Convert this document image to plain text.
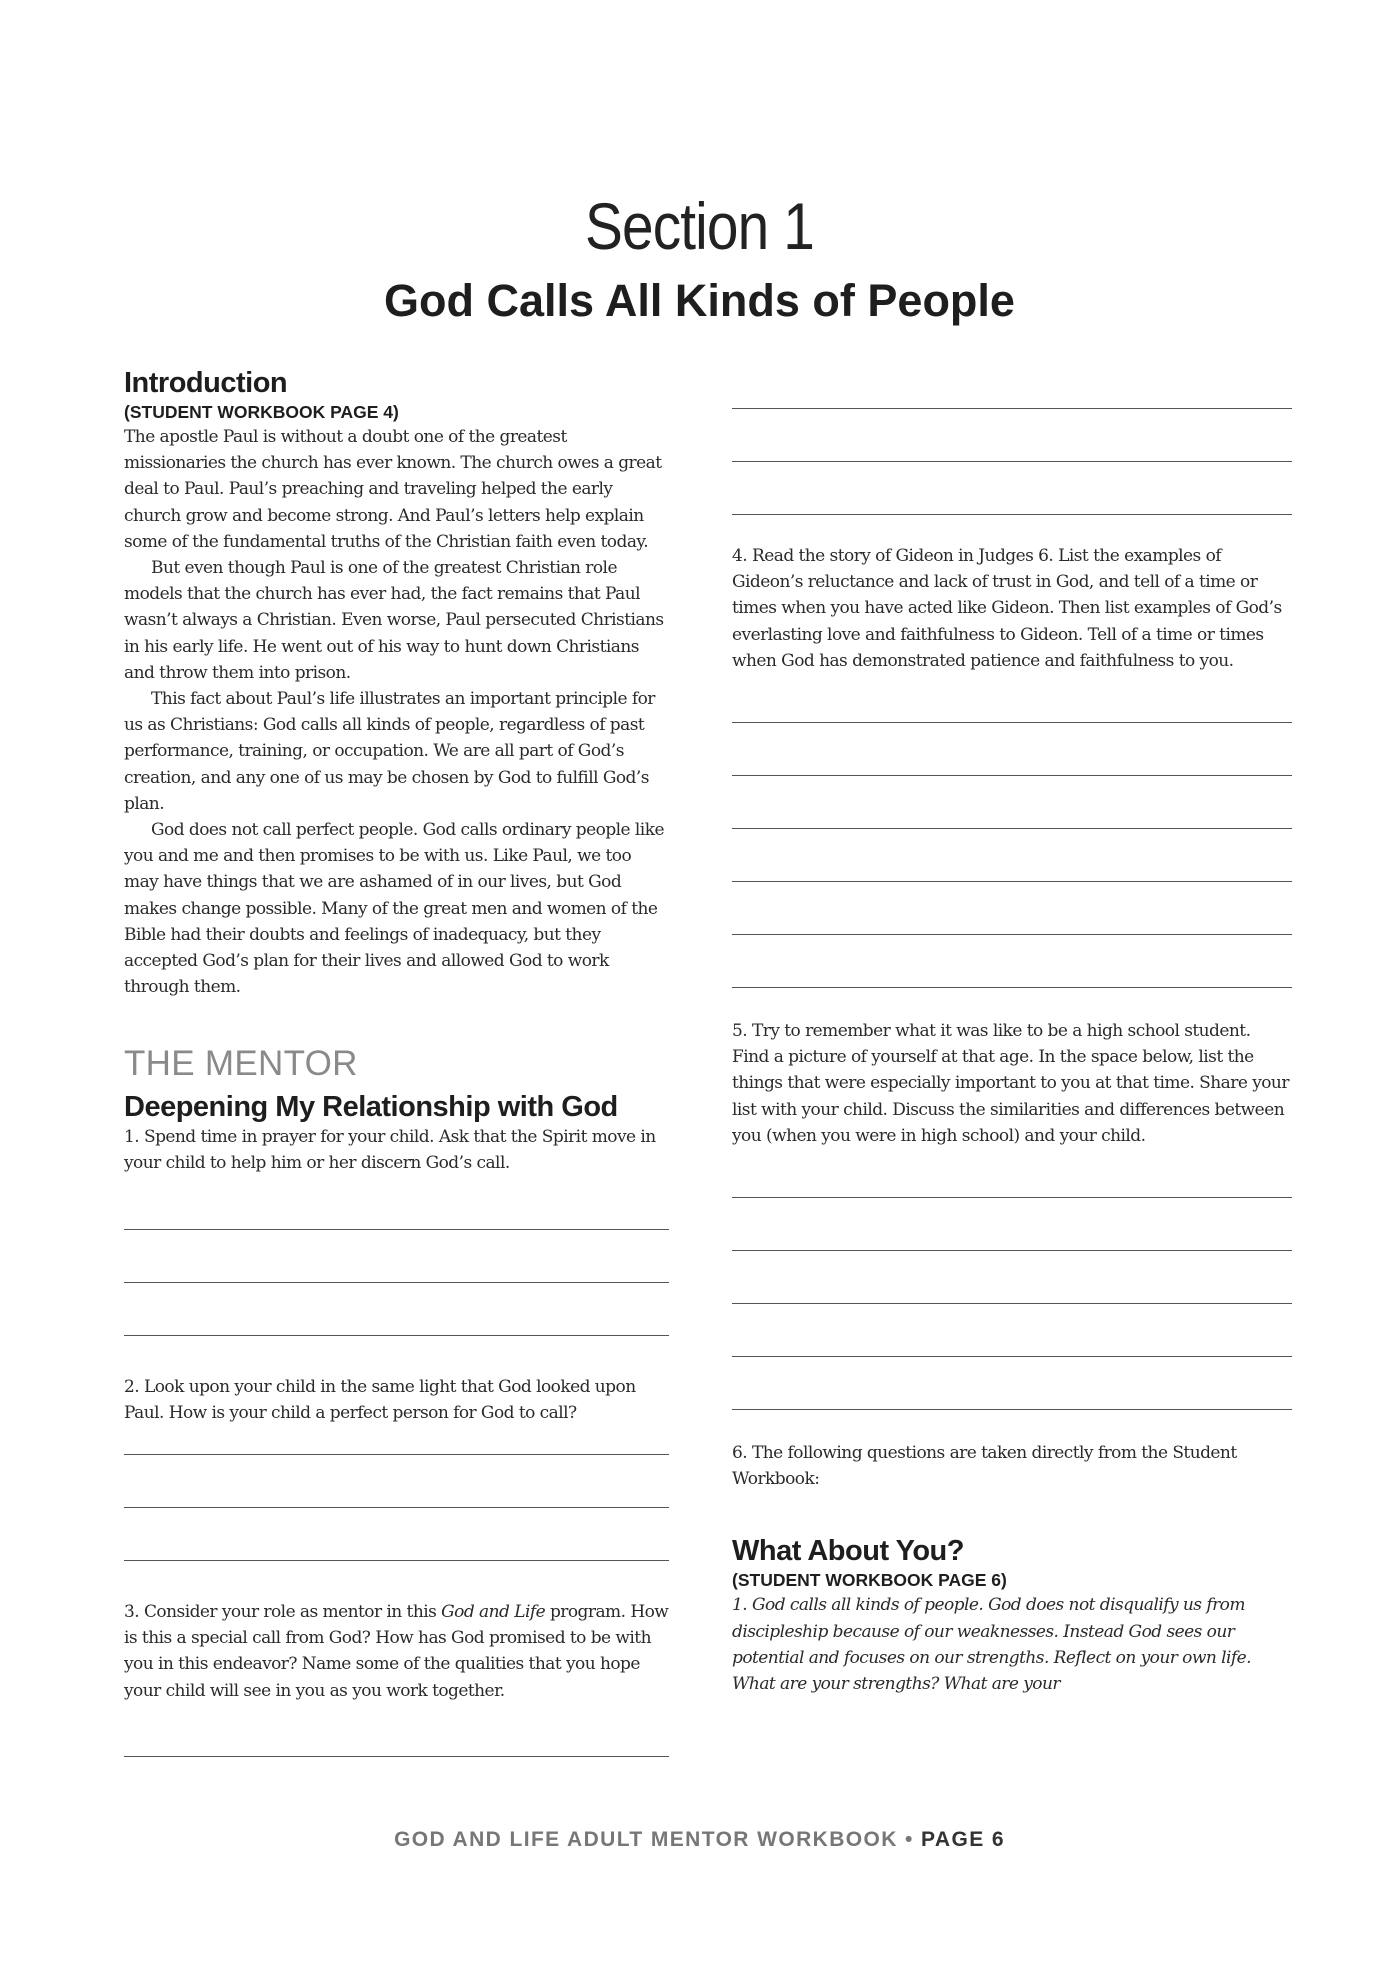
Section 1
God Calls All Kinds of People
Introduction
(STUDENT WORKBOOK PAGE 4)

The apostle Paul is without a doubt one of the greatest missionaries the church has ever known. The church owes a great deal to Paul. Paul’s preaching and traveling helped the early church grow and become strong. And Paul’s letters help explain some of the fundamental truths of the Christian faith even today.

But even though Paul is one of the greatest Christian role models that the church has ever had, the fact remains that Paul wasn’t always a Christian. Even worse, Paul persecuted Christians in his early life. He went out of his way to hunt down Christians and throw them into prison.

This fact about Paul’s life illustrates an important principle for us as Christians: God calls all kinds of people, regardless of past performance, training, or occupation. We are all part of God’s creation, and any one of us may be chosen by God to fulfill God’s plan.

God does not call perfect people. God calls ordinary people like you and me and then promises to be with us. Like Paul, we too may have things that we are ashamed of in our lives, but God makes change possible. Many of the great men and women of the Bible had their doubts and feelings of inadequacy, but they accepted God’s plan for their lives and allowed God to work through them.

THE MENTOR
Deepening My Relationship with God

1. Spend time in prayer for your child. Ask that the Spirit move in your child to help him or her discern God’s call.

2. Look upon your child in the same light that God looked upon Paul. How is your child a perfect person for God to call?

3. Consider your role as mentor in this God and Life program. How is this a special call from God? How has God promised to be with you in this endeavor? Name some of the qualities that you hope your child will see in you as you work together.

4. Read the story of Gideon in Judges 6. List the examples of Gideon’s reluctance and lack of trust in God, and tell of a time or times when you have acted like Gideon. Then list examples of God’s everlasting love and faithfulness to Gideon. Tell of a time or times when God has demonstrated patience and faithfulness to you.

5. Try to remember what it was like to be a high school student. Find a picture of yourself at that age. In the space below, list the things that were especially important to you at that time. Share your list with your child. Discuss the similarities and differences between you (when you were in high school) and your child.

6. The following questions are taken directly from the Student Workbook:

What About You?
(STUDENT WORKBOOK PAGE 6)

1. God calls all kinds of people. God does not disqualify us from discipleship because of our weaknesses. Instead God sees our potential and focuses on our strengths. Reflect on your own life. What are your strengths? What are your

GOD AND LIFE ADULT MENTOR WORKBOOK • PAGE 6
